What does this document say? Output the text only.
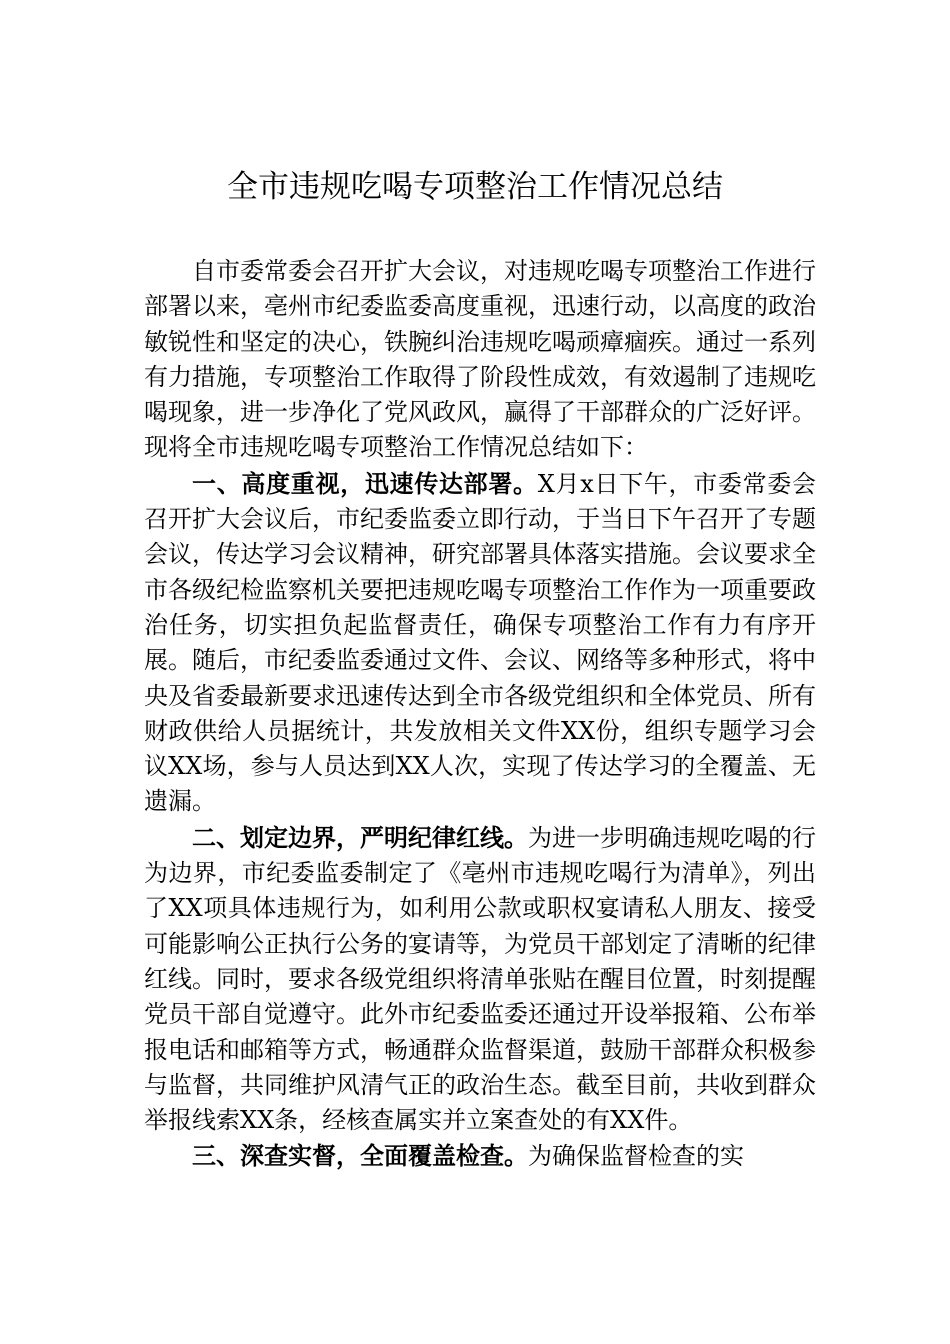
全市违规吃喝专项整治工作情况总结

自市委常委会召开扩大会议，对违规吃喝专项整治工作进行部署以来，亳州市纪委监委高度重视，迅速行动，以高度的政治敏锐性和坚定的决心，铁腕纠治违规吃喝顽瘴痼疾。通过一系列有力措施，专项整治工作取得了阶段性成效，有效遏制了违规吃喝现象，进一步净化了党风政风，赢得了干部群众的广泛好评。现将全市违规吃喝专项整治工作情况总结如下：

一、高度重视，迅速传达部署。X月x日下午，市委常委会召开扩大会议后，市纪委监委立即行动，于当日下午召开了专题会议，传达学习会议精神，研究部署具体落实措施。会议要求全市各级纪检监察机关要把违规吃喝专项整治工作作为一项重要政治任务，切实担负起监督责任，确保专项整治工作有力有序开展。随后，市纪委监委通过文件、会议、网络等多种形式，将中央及省委最新要求迅速传达到全市各级党组织和全体党员、所有财政供给人员据统计，共发放相关文件XX份，组织专题学习会议XX场，参与人员达到XX人次，实现了传达学习的全覆盖、无遗漏。

二、划定边界，严明纪律红线。为进一步明确违规吃喝的行为边界，市纪委监委制定了《亳州市违规吃喝行为清单》，列出了XX项具体违规行为，如利用公款或职权宴请私人朋友、接受可能影响公正执行公务的宴请等，为党员干部划定了清晰的纪律红线。同时，要求各级党组织将清单张贴在醒目位置，时刻提醒党员干部自觉遵守。此外市纪委监委还通过开设举报箱、公布举报电话和邮箱等方式，畅通群众监督渠道，鼓励干部群众积极参与监督，共同维护风清气正的政治生态。截至目前，共收到群众举报线索XX条，经核查属实并立案查处的有XX件。

三、深查实督，全面覆盖检查。为确保监督检查的实
